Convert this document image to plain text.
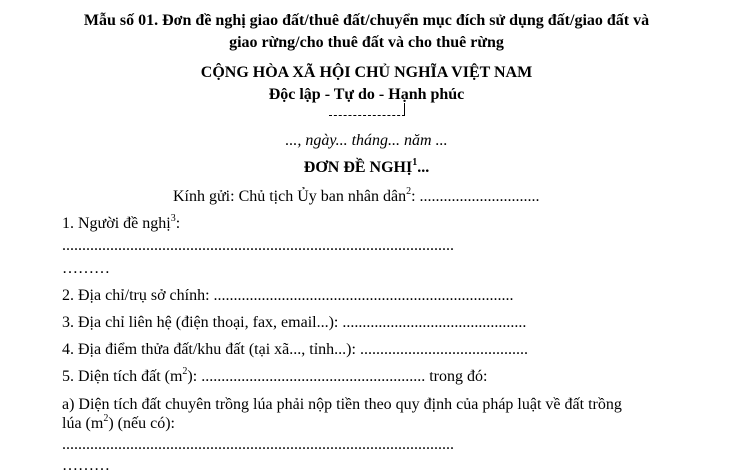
Mẫu số 01. Đơn đề nghị giao đất/thuê đất/chuyển mục đích sử dụng đất/giao đất và
giao rừng/cho thuê đất và cho thuê rừng
CỘNG HÒA XÃ HỘI CHỦ NGHĨA VIỆT NAM
Độc lập - Tự do - Hạnh phúc
..., ngày... tháng... năm ...
ĐƠN ĐỀ NGHỊ$^1$...
Kính gửi: Chủ tịch Ủy ban nhân dân$^2$: ..............................
1. Người đề nghị$^3$:
..................................................................................................
………
2. Địa chỉ/trụ sở chính: ...........................................................................
3. Địa chỉ liên hệ (điện thoại, fax, email...): ..............................................
4. Địa điểm thửa đất/khu đất (tại xã..., tỉnh...): ..........................................
5. Diện tích đất $(m^2)$: ........................................................ trong đó:
a) Diện tích đất chuyên trồng lúa phải nộp tiền theo quy định của pháp luật về đất trồng
lúa $(m^2)$ (nếu có):
..................................................................................................
………
